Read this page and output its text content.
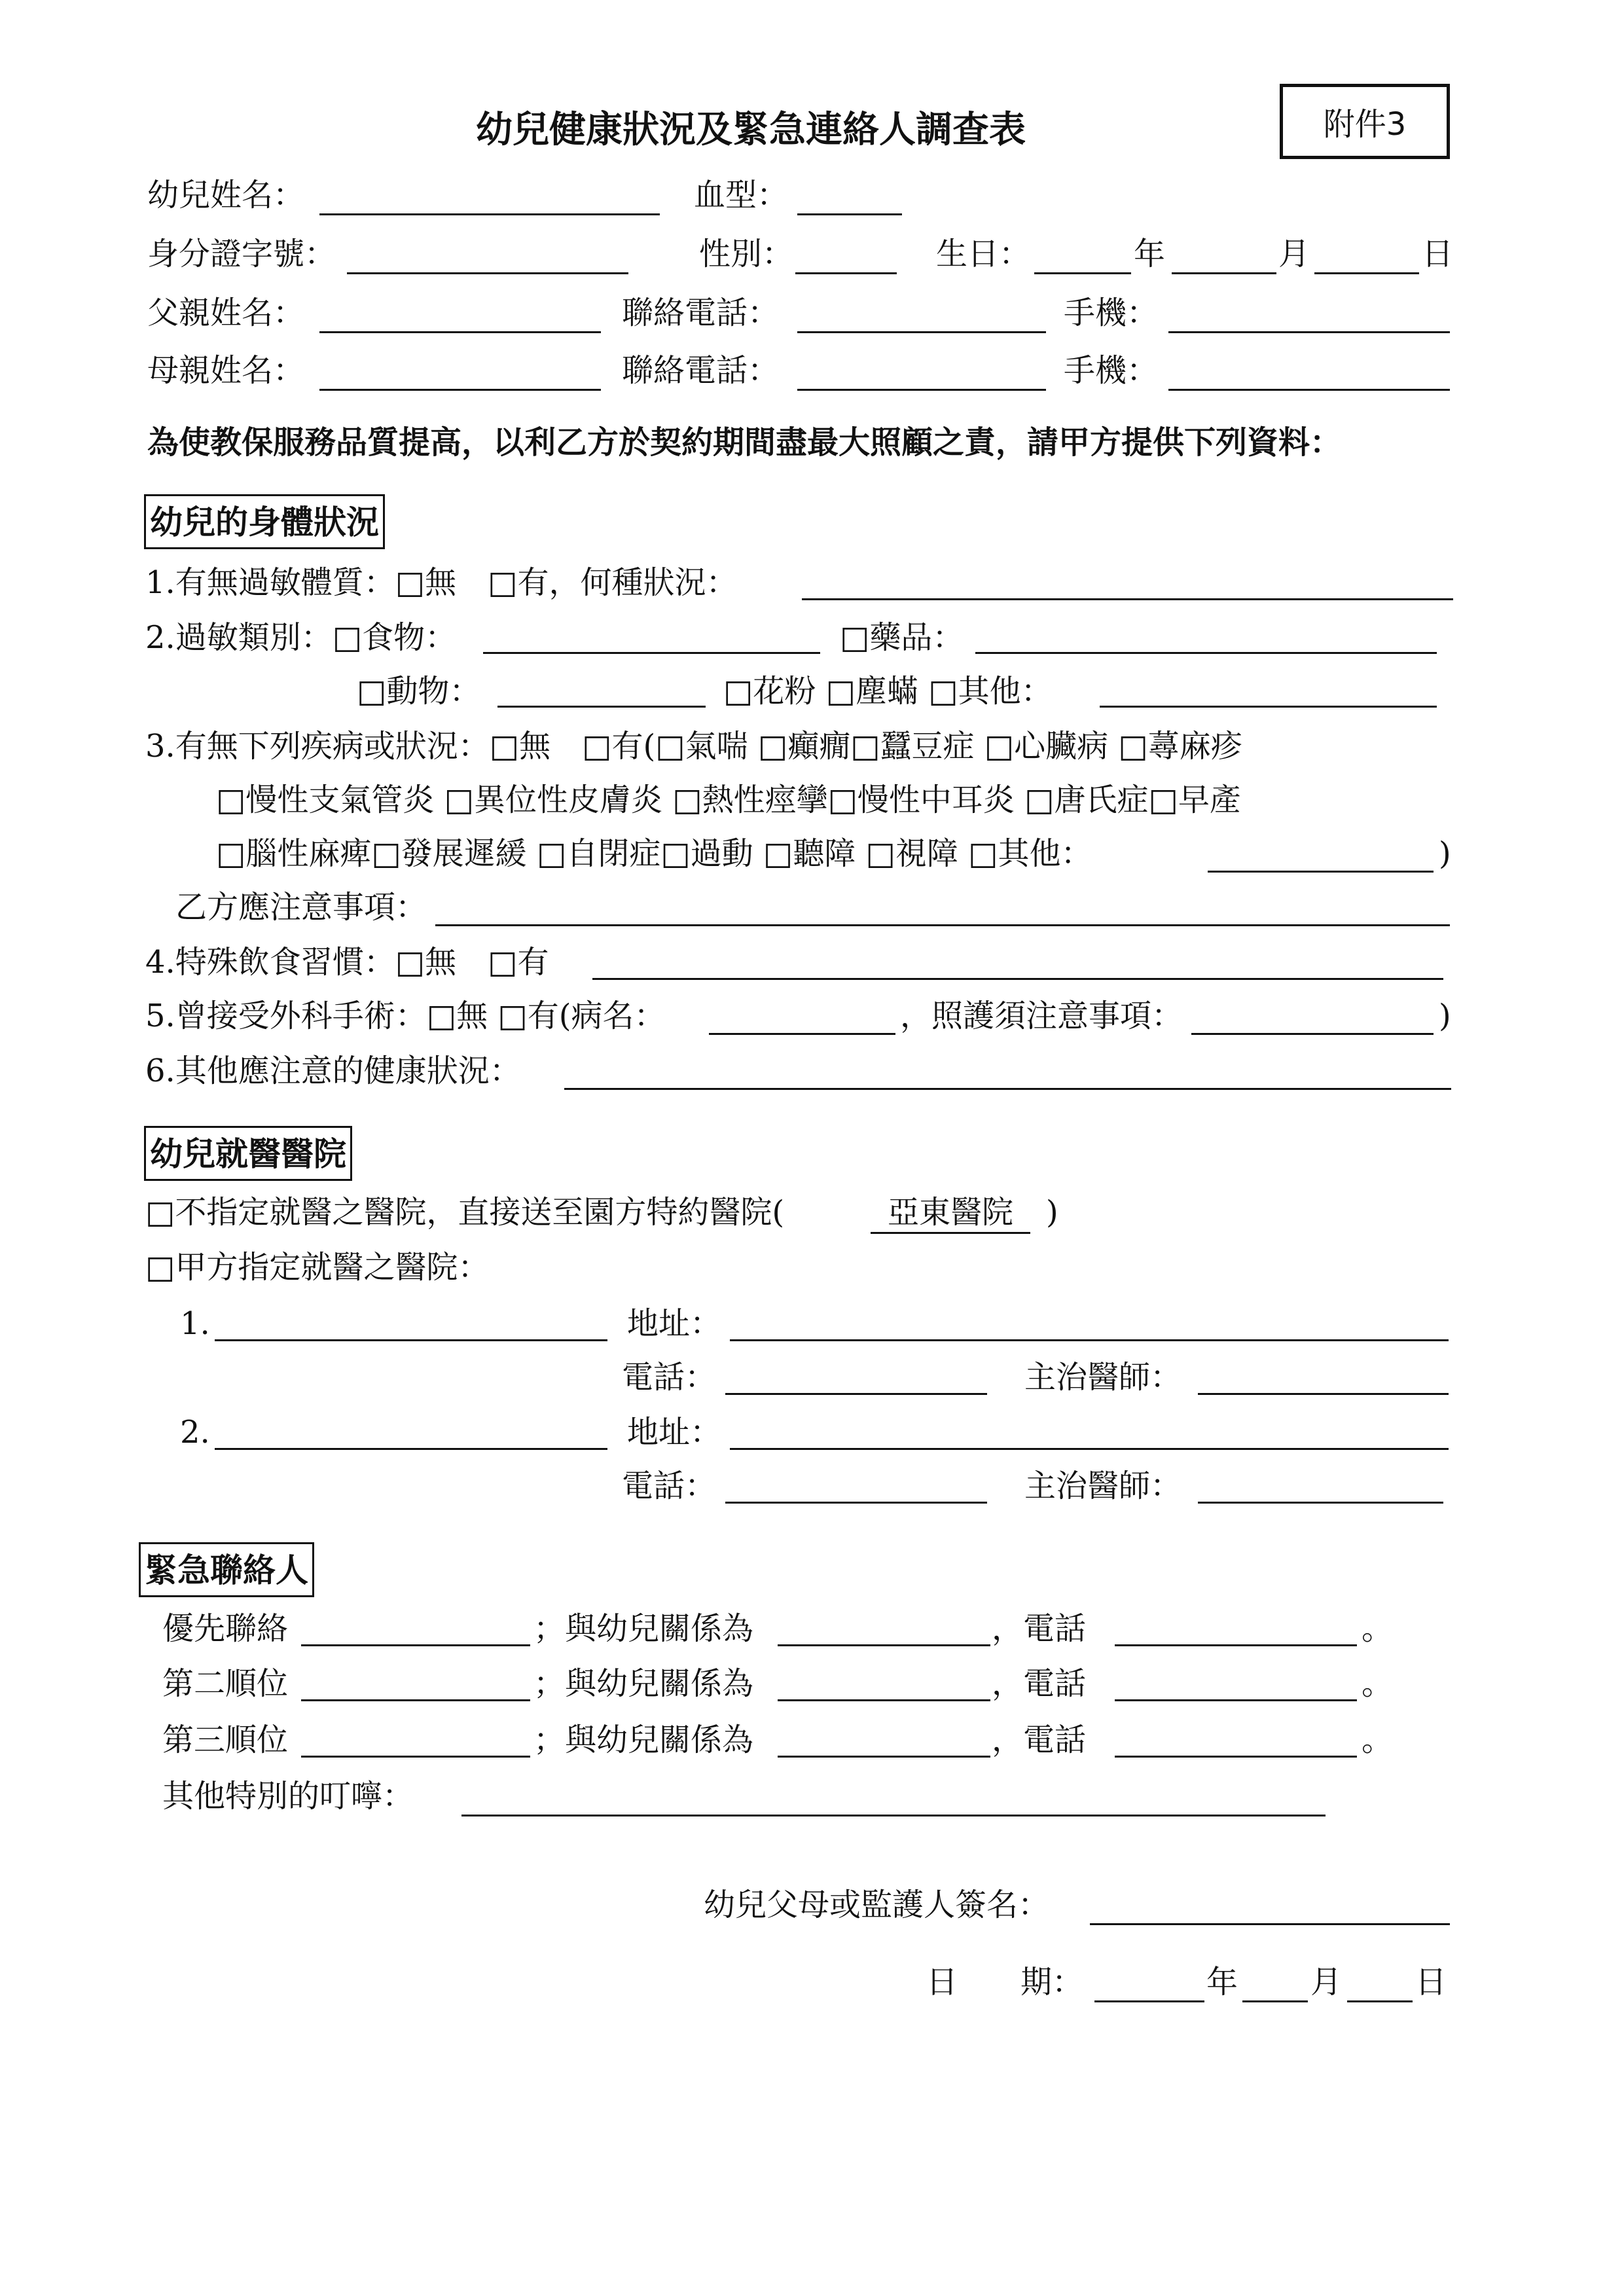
幼兒健康狀況及緊急連絡人調查表	附件3
幼兒姓名：	血型：
身分證字號：	性別：	生日：	年	月	日
父親姓名：	聯絡電話：	手機：
母親姓名：	聯絡電話：	手機：
為使教保服務品質提高，以利乙方於契約期間盡最大照顧之責，請甲方提供下列資料：
幼兒的身體狀況
1.有無過敏體質：□無　□有，何種狀況：
2.過敏類別：□食物：	□藥品：
□動物：	□花粉 □塵蟎 □其他：
3.有無下列疾病或狀況：□無　□有(□氣喘 □癲癇□蠶豆症 □心臟病 □蕁麻疹
□慢性支氣管炎 □異位性皮膚炎 □熱性痙攣□慢性中耳炎 □唐氏症□早產
□腦性麻痺□發展遲緩 □自閉症□過動 □聽障 □視障 □其他：	)
乙方應注意事項：
4.特殊飲食習慣：□無　□有
5.曾接受外科手術：□無 □有(病名：	，照護須注意事項：	)
6.其他應注意的健康狀況：
幼兒就醫醫院
□不指定就醫之醫院，直接送至園方特約醫院(	亞東醫院	)
□甲方指定就醫之醫院：
1.	地址：
電話：	主治醫師：
2.	地址：
電話：	主治醫師：
緊急聯絡人
優先聯絡	；與幼兒關係為	，電話	。
第二順位	；與幼兒關係為	，電話	。
第三順位	；與幼兒關係為	，電話	。
其他特別的叮嚀：
幼兒父母或監護人簽名：
日　　期：	年 月 日
